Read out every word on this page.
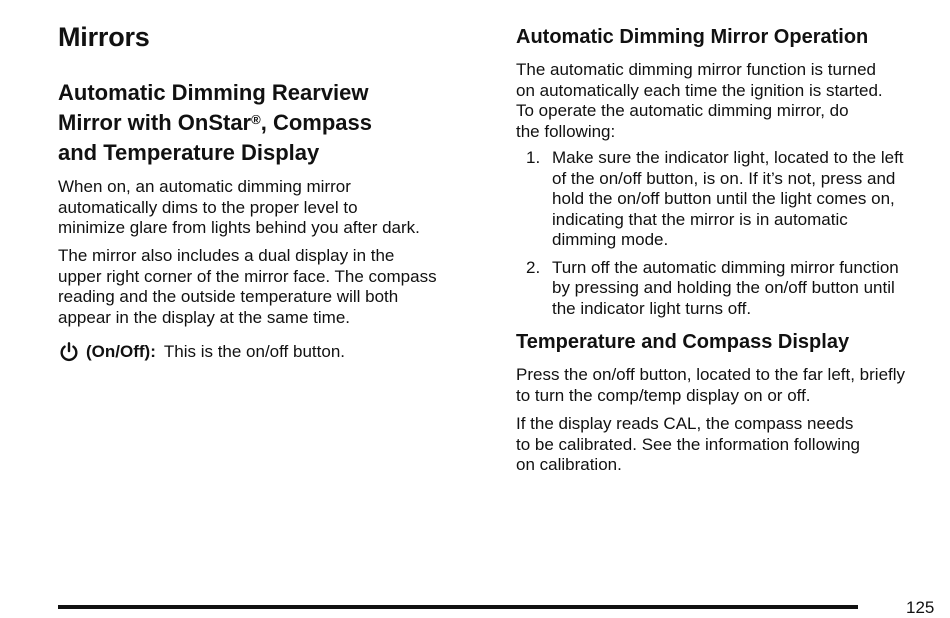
Mirrors
Automatic Dimming Rearview
Mirror with OnStar®, Compass
and Temperature Display

When on, an automatic dimming mirror
automatically dims to the proper level to
minimize glare from lights behind you after dark.

The mirror also includes a dual display in the
upper right corner of the mirror face. The compass
reading and the outside temperature will both
appear in the display at the same time.

(On/Off): This is the on/off button.
Automatic Dimming Mirror Operation

The automatic dimming mirror function is turned
on automatically each time the ignition is started.
To operate the automatic dimming mirror, do
the following:

1. Make sure the indicator light, located to the left
of the on/off button, is on. If it’s not, press and
hold the on/off button until the light comes on,
indicating that the mirror is in automatic
dimming mode.
2. Turn off the automatic dimming mirror function
by pressing and holding the on/off button until
the indicator light turns off.
Temperature and Compass Display

Press the on/off button, located to the far left, briefly
to turn the comp/temp display on or off.

If the display reads CAL, the compass needs
to be calibrated. See the information following
on calibration.

125
